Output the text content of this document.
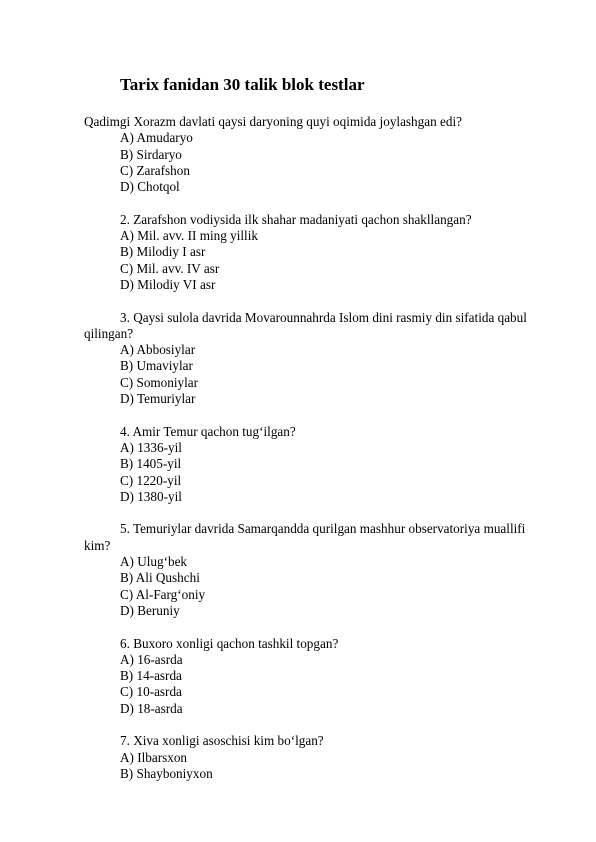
Tarix fanidan 30 talik blok testlar

Qadimgi Xorazm davlati qaysi daryoning quyi oqimida joylashgan edi?

A) Amudaryo
B) Sirdaryo
C) Zarafshon
D) Chotqol

2. Zarafshon vodiysida ilk shahar madaniyati qachon shakllangan?

A) Mil. avv. II ming yillik
B) Milodiy I asr
C) Mil. avv. IV asr
D) Milodiy VI asr

3. Qaysi sulola davrida Movarounnahrda Islom dini rasmiy din sifatida qabul qilingan?

A) Abbosiylar
B) Umaviylar
C) Somoniylar
D) Temuriylar

4. Amir Temur qachon tug‘ilgan?

A) 1336-yil
B) 1405-yil
C) 1220-yil
D) 1380-yil

5. Temuriylar davrida Samarqandda qurilgan mashhur observatoriya muallifi kim?

A) Ulug‘bek
B) Ali Qushchi
C) Al-Farg‘oniy
D) Beruniy

6. Buxoro xonligi qachon tashkil topgan?

A) 16-asrda
B) 14-asrda
C) 10-asrda
D) 18-asrda

7. Xiva xonligi asoschisi kim bo‘lgan?

A) Ilbarsxon
B) Shayboniyxon
